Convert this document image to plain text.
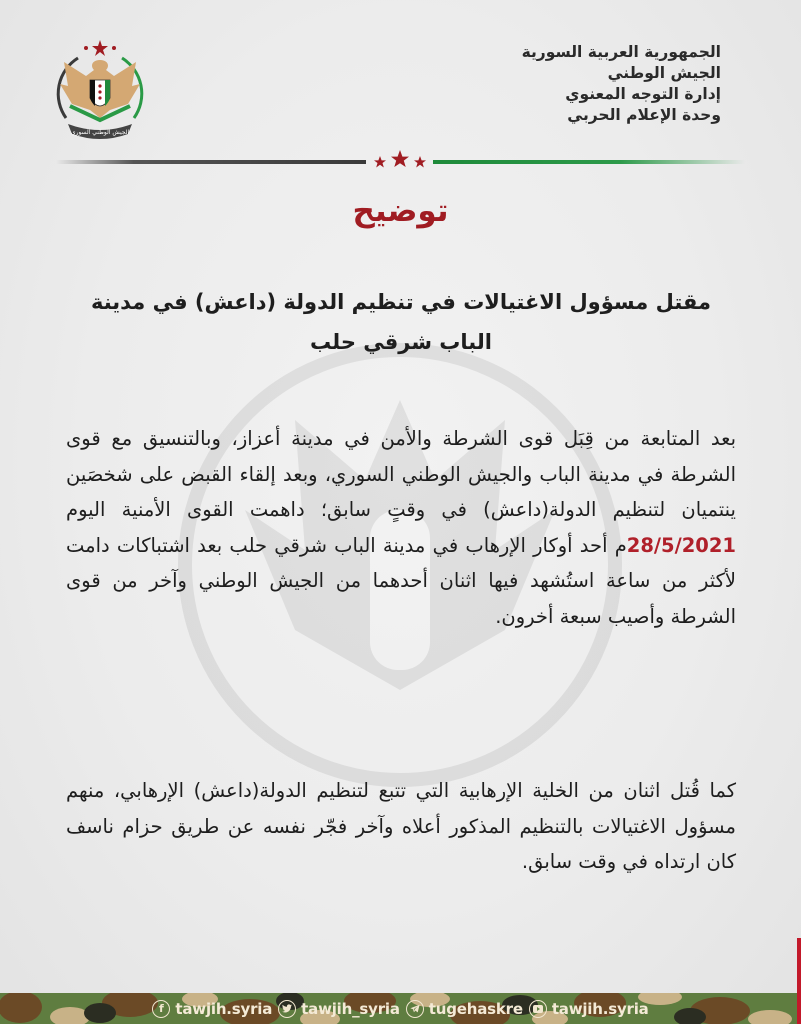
الجيش الوطني السوري
الجمهورية العربية السورية
الجيش الوطني
إدارة التوجه المعنوي
وحدة الإعلام الحربي
توضيح
مقتل مسؤول الاغتيالات في تنظيم الدولة (داعش) في مدينة الباب شرقي حلب
بعد المتابعة من قِبَل قوى الشرطة والأمن في مدينة أعزاز، وبالتنسيق مع قوى الشرطة في مدينة الباب والجيش الوطني السوري، وبعد إلقاء القبض على شخصَين ينتميان لتنظيم الدولة(داعش) في وقتٍ سابق؛ داهمت القوى الأمنية اليوم 28/5/2021م أحد أوكار الإرهاب في مدينة الباب شرقي حلب بعد اشتباكات دامت لأكثر من ساعة استُشهد فيها اثنان أحدهما من الجيش الوطني وآخر من قوى الشرطة وأصيب سبعة أخرون.
كما قُتل اثنان من الخلية الإرهابية التي تتبع لتنظيم الدولة(داعش) الإرهابي، منهم مسؤول الاغتيالات بالتنظيم المذكور أعلاه وآخر فجّر نفسه عن طريق حزام ناسف كان ارتداه في وقت سابق.
f tawjih.syria tawjih_syria tugehaskre tawjih.syria
